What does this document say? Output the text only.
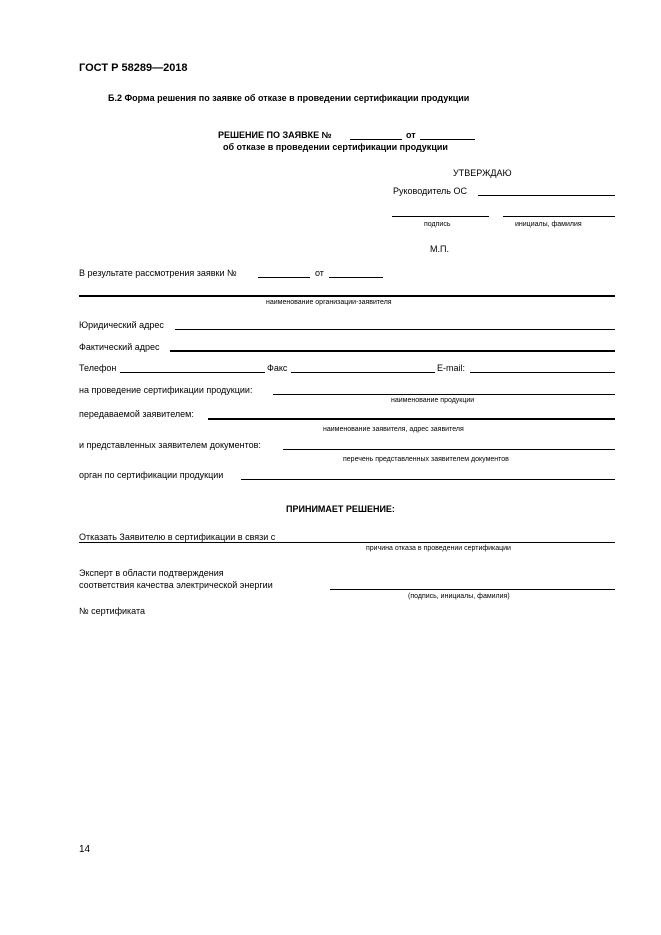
ГОСТ Р 58289—2018
Б.2 Форма решения по заявке об отказе в проведении сертификации продукции
РЕШЕНИЕ ПО ЗАЯВКЕ №	от
об отказе в проведении сертификации продукции
УТВЕРЖДАЮ
Руководитель ОС
подпись	инициалы, фамилия
М.П.
В результате рассмотрения заявки №	от
наименование организации-заявителя
Юридический адрес
Фактический адрес
Телефон	Факс	E-mail:
на проведение сертификации продукции:
наименование продукции
передаваемой заявителем:
наименование заявителя, адрес заявителя
и представленных заявителем документов:
перечень представленных заявителем документов
орган по сертификации продукции
ПРИНИМАЕТ РЕШЕНИЕ:
Отказать Заявителю в сертификации в связи с
причина отказа в проведении сертификации
Эксперт в области подтверждения
соответствия качества электрической энергии
(подпись, инициалы, фамилия)
№ сертификата
14
